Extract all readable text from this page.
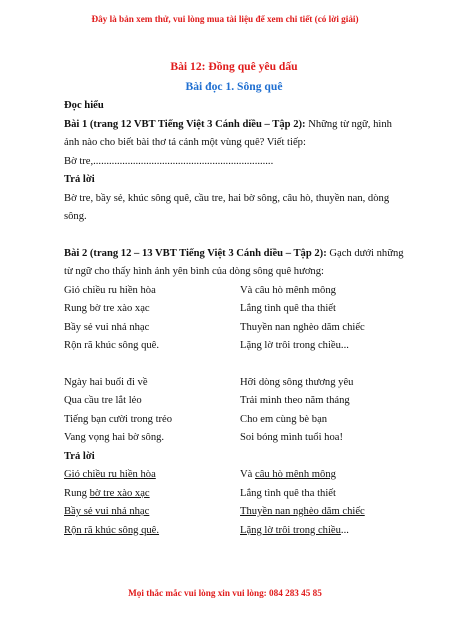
Đây là bản xem thử, vui lòng mua tài liệu để xem chi tiết (có lời giải)

Bài 12: Đồng quê yêu dấu

Bài đọc 1. Sông quê

Đọc hiểu

Bài 1 (trang 12 VBT Tiếng Việt 3 Cánh diều – Tập 2): Những từ ngữ, hình ảnh nào cho biết bài thơ tả cảnh một vùng quê? Viết tiếp:

Bờ tre,....................................................................

Trả lời

Bờ tre, bầy sẻ, khúc sông quê, cầu tre, hai bờ sông, câu hò, thuyền nan, dòng sông.

Bài 2 (trang 12 – 13 VBT Tiếng Việt 3 Cánh diều – Tập 2): Gạch dưới những từ ngữ cho thấy hình ảnh yên bình của dòng sông quê hương:

Gió chiều ru hiền hòa	Và câu hò mênh mông
Rung bờ tre xào xạc	Lắng tình quê tha thiết
Bầy sẻ vui nhả nhạc	Thuyền nan nghèo dăm chiếc
Rộn rã khúc sông quê.	Lặng lờ trôi trong chiều...
Ngày hai buổi đi về	Hỡi dòng sông thương yêu
Qua cầu tre lắt lẻo	Trải mình theo năm tháng
Tiếng bạn cười trong trẻo	Cho em cùng bè bạn
Vang vọng hai bờ sông.	Soi bóng mình tuổi hoa!

Trả lời

Gió chiều ru hiền hòa	Và câu hò mênh mông
Rung bờ tre xào xạc	Lắng tình quê tha thiết
Bầy sẻ vui nhả nhạc	Thuyền nan nghèo dăm chiếc
Rộn rã khúc sông quê.	Lặng lờ trôi trong chiều...
Mọi thắc mắc vui lòng xin vui lòng: 084 283 45 85
